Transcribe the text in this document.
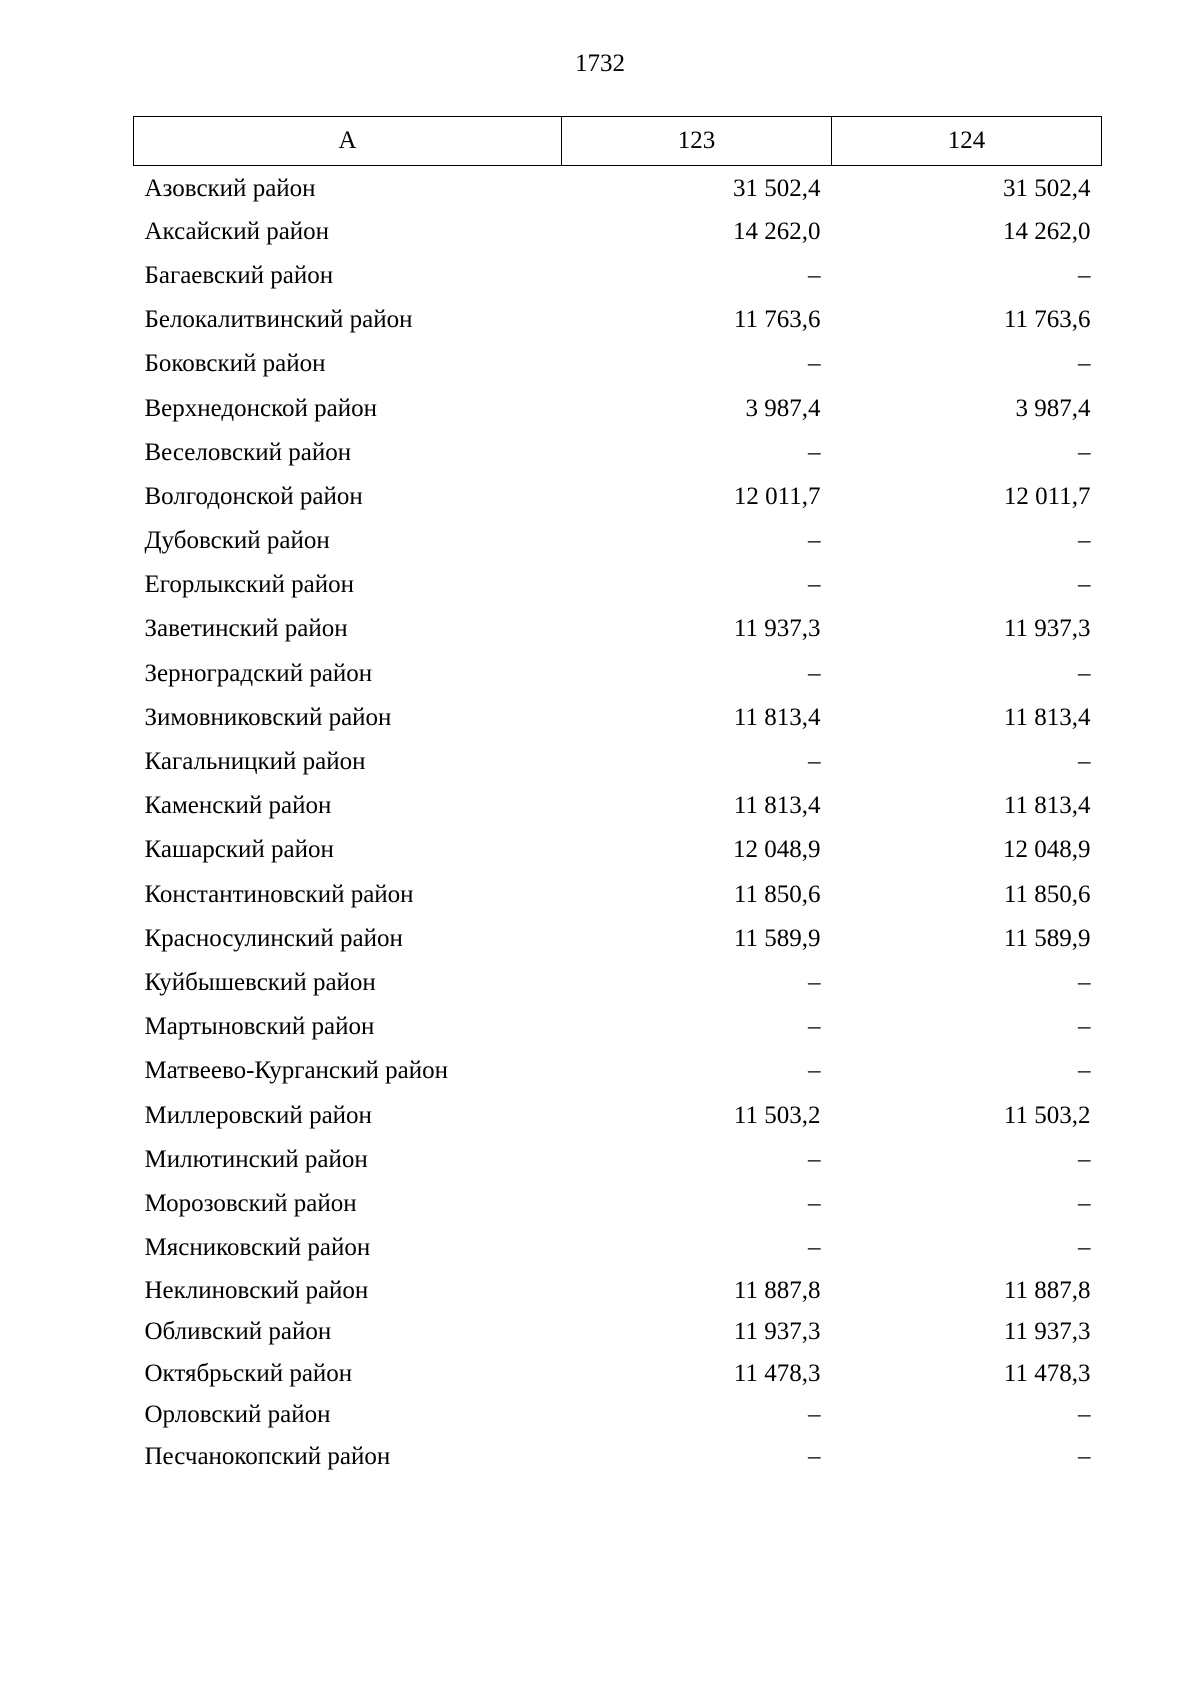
1732
А	123	124
Азовский район	31 502,4	31 502,4
Аксайский район	14 262,0	14 262,0
Багаевский район	–	–
Белокалитвинский район	11 763,6	11 763,6
Боковский район	–	–
Верхнедонской район	3 987,4	3 987,4
Веселовский район	–	–
Волгодонской район	12 011,7	12 011,7
Дубовский район	–	–
Егорлыкский район	–	–
Заветинский район	11 937,3	11 937,3
Зерноградский район	–	–
Зимовниковский район	11 813,4	11 813,4
Кагальницкий район	–	–
Каменский район	11 813,4	11 813,4
Кашарский район	12 048,9	12 048,9
Константиновский район	11 850,6	11 850,6
Красносулинский район	11 589,9	11 589,9
Куйбышевский район	–	–
Мартыновский район	–	–
Матвеево-Курганский район	–	–
Миллеровский район	11 503,2	11 503,2
Милютинский район	–	–
Морозовский район	–	–
Мясниковский район	–	–
Неклиновский район	11 887,8	11 887,8
Обливский район	11 937,3	11 937,3
Октябрьский район	11 478,3	11 478,3
Орловский район	–	–
Песчанокопский район	–	–
